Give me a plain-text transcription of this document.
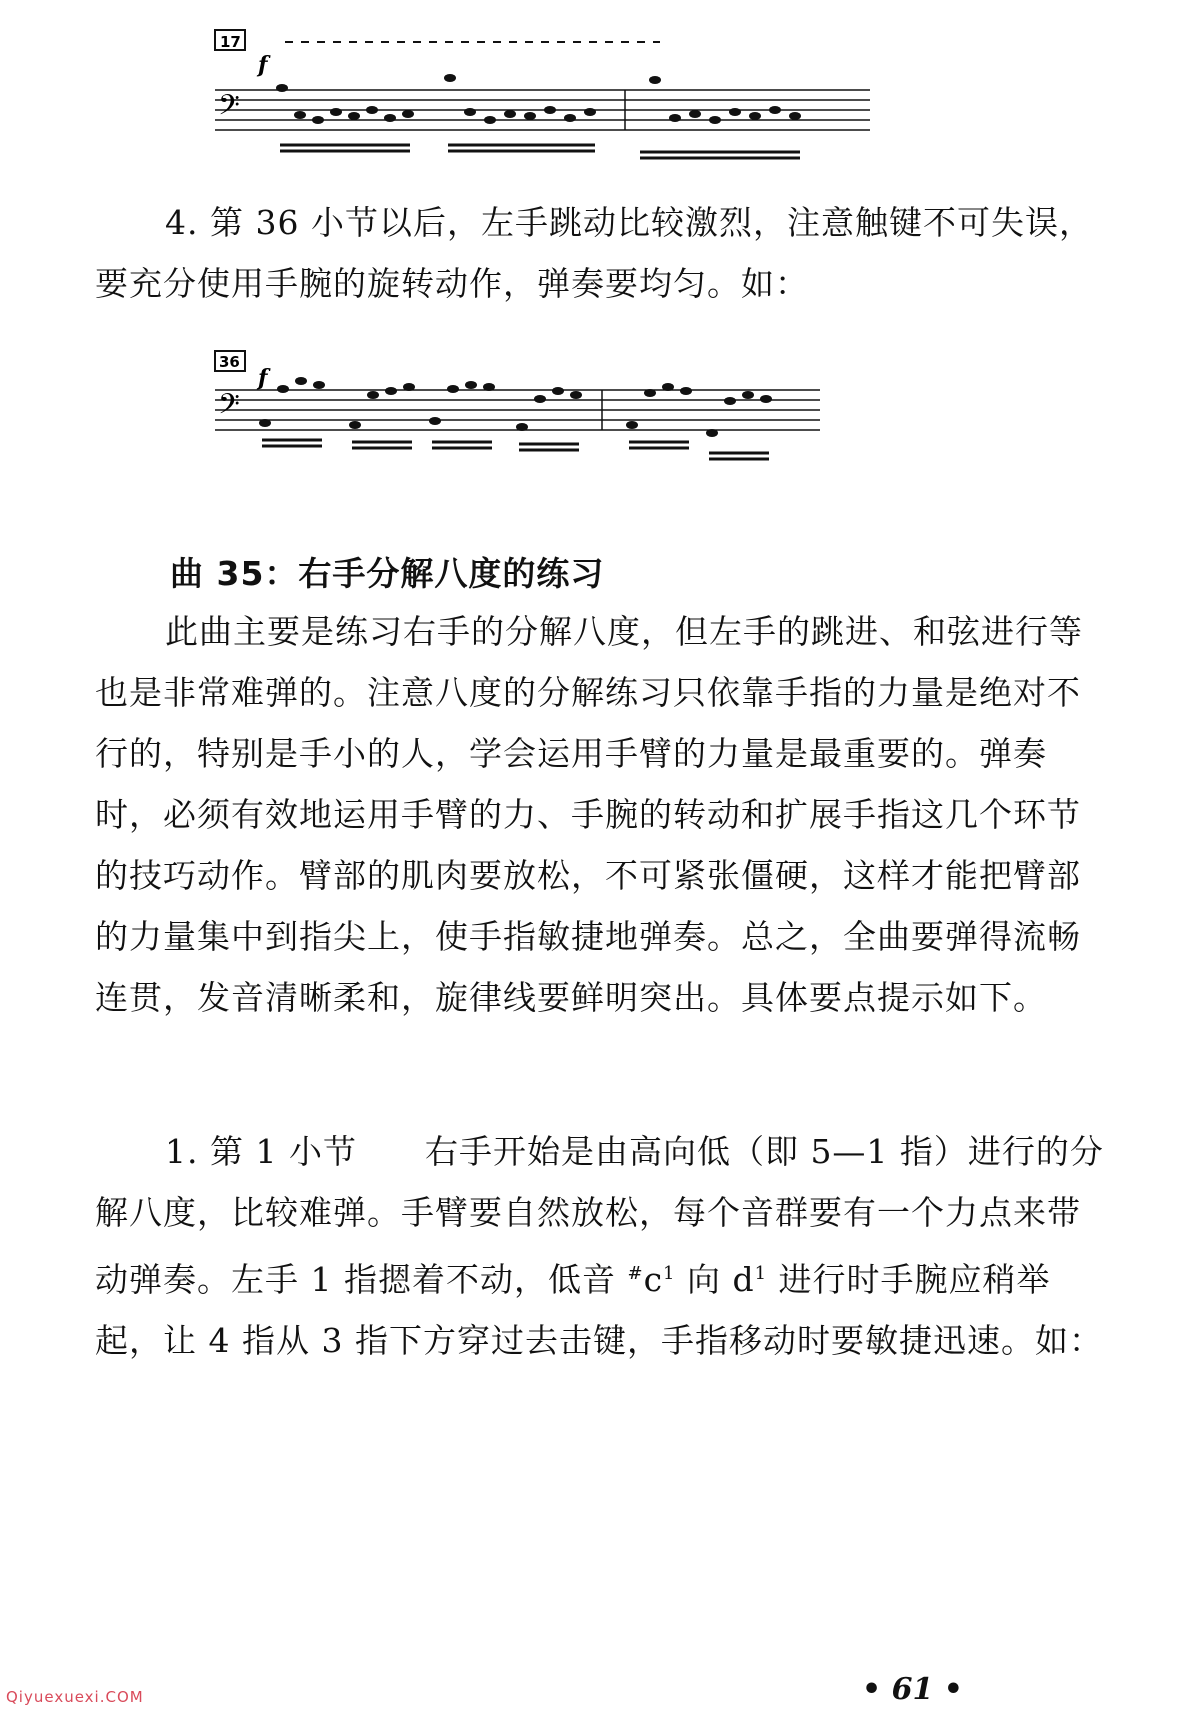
17
f
𝄢

4. 第 36 小节以后，左手跳动比较激烈，注意触键不可失误，要充分使用手腕的旋转动作，弹奏要均匀。如：

36
f
𝄢
曲 35：右手分解八度的练习

此曲主要是练习右手的分解八度，但左手的跳进、和弦进行等也是非常难弹的。注意八度的分解练习只依靠手指的力量是绝对不行的，特别是手小的人，学会运用手臂的力量是最重要的。弹奏时，必须有效地运用手臂的力、手腕的转动和扩展手指这几个环节的技巧动作。臂部的肌肉要放松，不可紧张僵硬，这样才能把臂部的力量集中到指尖上，使手指敏捷地弹奏。总之，全曲要弹得流畅连贯，发音清晰柔和，旋律线要鲜明突出。具体要点提示如下。

1. 第 1 小节　　右手开始是由高向低（即 5—1 指）进行的分解八度，比较难弹。手臂要自然放松，每个音群要有一个力点来带动弹奏。左手 1 指摁着不动，低音 $^{\#}c^1$ 向 $d^1$ 进行时手腕应稍举起，让 4 指从 3 指下方穿过去击键，手指移动时要敏捷迅速。如：

• 61 •
Qiyuexuexi.COM
